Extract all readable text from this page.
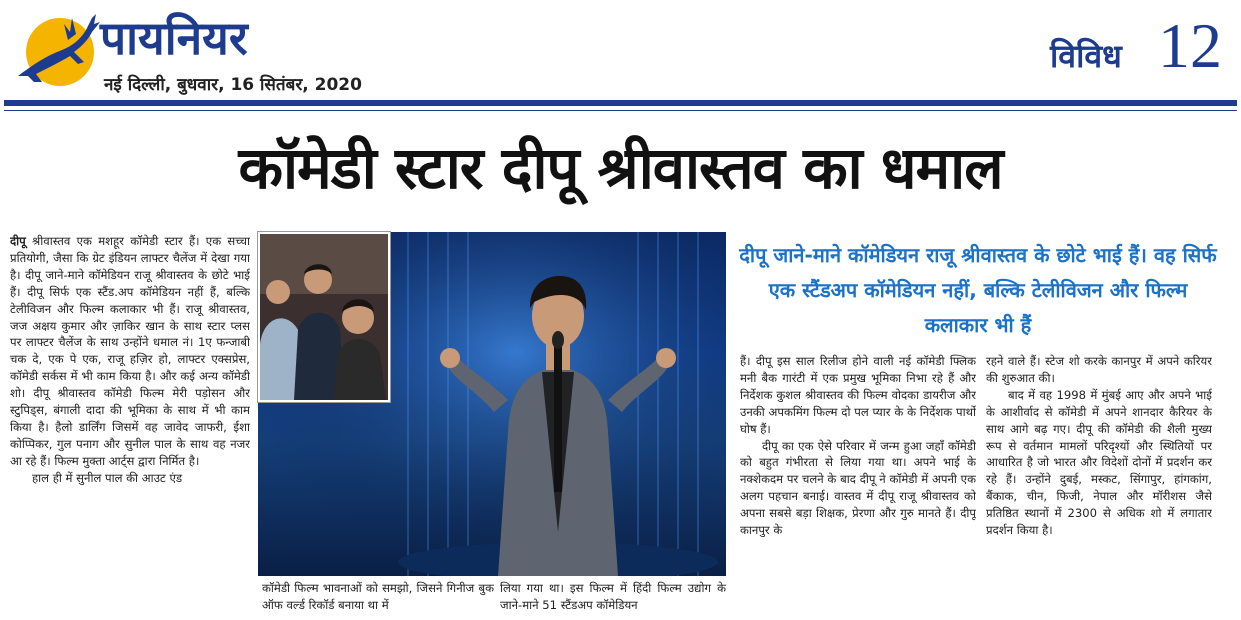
पायनियर
नई दिल्ली, बुधवार, 16 सितंबर, 2020
विविध 12
कॉमेडी स्टार दीपू श्रीवास्तव का धमाल

दीपू श्रीवास्तव एक मशहूर कॉमेडी स्टार हैं। एक सच्चा प्रतियोगी, जैसा कि ग्रेट इंडियन लाफ्टर चैलेंज में देखा गया है। दीपू जाने-माने कॉमेडियन राजू श्रीवास्तव के छोटे भाई हैं। दीपू सिर्फ एक स्टैंड.अप कॉमेडियन नहीं हैं, बल्कि टेलीविजन और फिल्म कलाकार भी हैं। राजू श्रीवास्तव, जज अक्षय कुमार और ज़ाकिर खान के साथ स्टार प्लस पर लाफ्टर चैलेंज के साथ उन्होंने धमाल नं। 1ए फन्जाबी चक दे, एक पे एक, राजू हज़िर हो, लाफ्टर एक्सप्रेस, कॉमेडी सर्कस में भी काम किया है। और कई अन्य कॉमेडी शो। दीपू श्रीवास्तव कॉमेडी फिल्म मेरी पड़ोसन और स्टुपिड्स, बंगाली दादा की भूमिका के साथ में भी काम किया है। हैलो डार्लिंग जिसमें वह जावेद जाफरी, ईशा कोप्पिकर, गुल पनाग और सुनील पाल के साथ वह नजर आ रहे हैं। फिल्म मुक्ता आर्ट्स द्वारा निर्मित है।

हाल ही में सुनील पाल की आउट एंड

कॉमेडी फिल्म भावनाओं को समझो, जिसने गिनीज बुक ऑफ वर्ल्ड रिकॉर्ड बनाया था में
लिया गया था। इस फिल्म में हिंदी फिल्म उद्योग के जाने-माने 51 स्टैंडअप कॉमेडियन
दीपू जाने-माने कॉमेडियन राजू श्रीवास्तव के छोटे भाई हैं। वह सिर्फ एक स्टैंडअप कॉमेडियन नहीं, बल्कि टेलीविजन और फिल्म कलाकार भी हैं

हैं। दीपू इस साल रिलीज होने वाली नई कॉमेडी फ्लिक मनी बैक गारंटी में एक प्रमुख भूमिका निभा रहे हैं और निर्देशक कुशल श्रीवास्तव की फिल्म वोदका डायरीज और उनकी अपकमिंग फिल्म दो पल प्यार के के निर्देशक पार्थो घोष हैं।

दीपू का एक ऐसे परिवार में जन्म हुआ जहाँ कॉमेडी को बहुत गंभीरता से लिया गया था। अपने भाई के नक्शेकदम पर चलने के बाद दीपू ने कॉमेडी में अपनी एक अलग पहचान बनाई। वास्तव में दीपू राजू श्रीवास्तव को अपना सबसे बड़ा शिक्षक, प्रेरणा और गुरु मानते हैं। दीपू कानपुर के

रहने वाले हैं। स्टेज शो करके कानपुर में अपने करियर की शुरुआत की।

बाद में वह 1998 में मुंबई आए और अपने भाई के आशीर्वाद से कॉमेडी में अपने शानदार कैरियर के साथ आगे बढ़ गए। दीपू की कॉमेडी की शैली मुख्य रूप से वर्तमान मामलों परिदृश्यों और स्थितियों पर आधारित है जो भारत और विदेशों दोनों में प्रदर्शन कर रहे हैं। उन्होंने दुबई, मस्कट, सिंगापुर, हांगकांग, बैंकाक, चीन, फिजी, नेपाल और मॉरीशस जैसे प्रतिष्ठित स्थानों में 2300 से अधिक शो में लगातार प्रदर्शन किया है।
